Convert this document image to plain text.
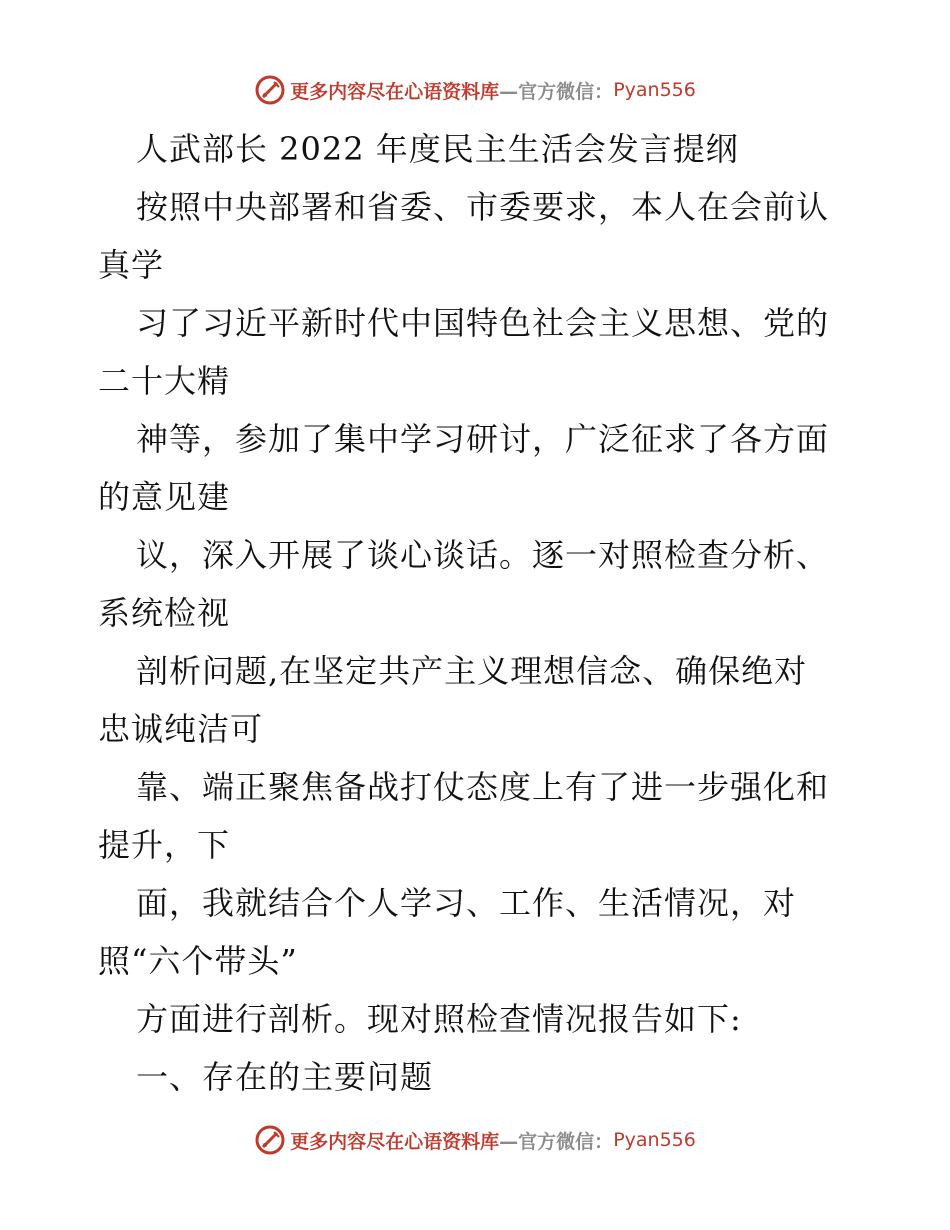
更多内容尽在心语资料库 —官方微信： Pyan556
人武部长 2022 年度民主生活会发言提纲
按照中央部署和省委、市委要求，本人在会前认
真学
习了习近平新时代中国特色社会主义思想、党的
二十大精
神等，参加了集中学习研讨，广泛征求了各方面
的意见建
议，深入开展了谈心谈话。逐一对照检查分析、
系统检视
剖析问题,在坚定共产主义理想信念、确保绝对
忠诚纯洁可
靠、端正聚焦备战打仗态度上有了进一步强化和
提升，下
面，我就结合个人学习、工作、生活情况，对
照“六个带头”
方面进行剖析。现对照检查情况报告如下:
一、存在的主要问题
更多内容尽在心语资料库 —官方微信： Pyan556
